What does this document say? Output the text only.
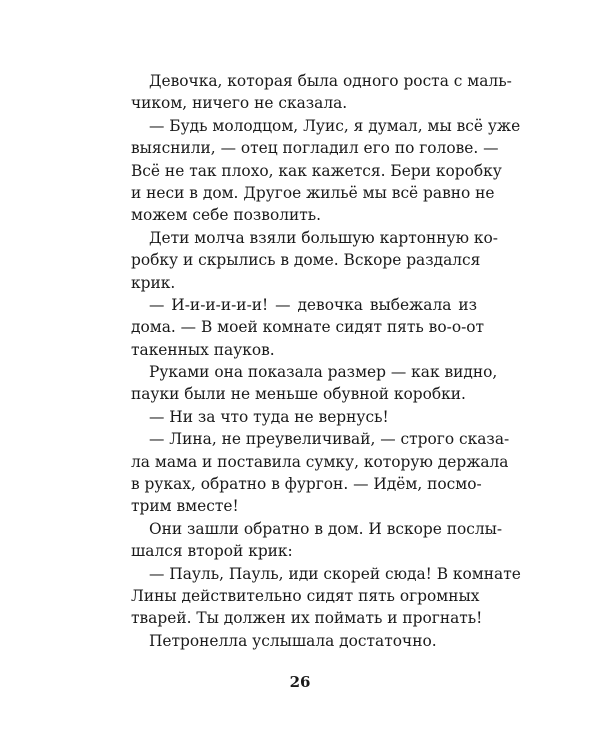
Девочка, которая была одного роста с маль-
чиком, ничего не сказала.
— Будь молодцом, Луис, я думал, мы всё уже
выяснили, — отец погладил его по голове. —
Всё не так плохо, как кажется. Бери коробку
и неси в дом. Другое жильё мы всё равно не
можем себе позволить.
Дети молча взяли большую картонную ко-
робку и скрылись в доме. Вскоре раздался
крик.
— И-и-и-и-и-и! — девочка выбежала из
дома. — В моей комнате сидят пять во-о-от
такенных пауков.
Руками она показала размер — как видно,
пауки были не меньше обувной коробки.
— Ни за что туда не вернусь!
— Лина, не преувеличивай, — строго сказа-
ла мама и поставила сумку, которую держала
в руках, обратно в фургон. — Идём, посмо-
трим вместе!
Они зашли обратно в дом. И вскоре послы-
шался второй крик:
— Пауль, Пауль, иди скорей сюда! В комнате
Лины действительно сидят пять огромных
тварей. Ты должен их поймать и прогнать!
Петронелла услышала достаточно.
26
